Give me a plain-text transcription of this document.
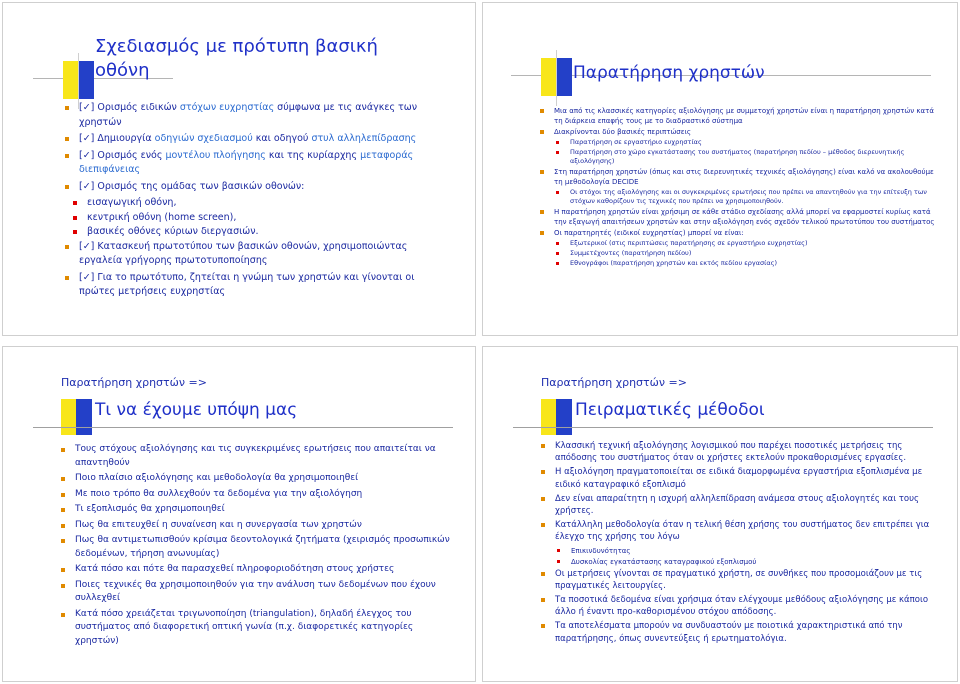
Σχεδιασμός με πρότυπη βασική οθόνη
[✓] Ορισμός ειδικών στόχων ευχρηστίας σύμφωνα με τις ανάγκες των χρηστών
[✓] Δημιουργία οδηγιών σχεδιασμού και οδηγού στυλ αλληλεπίδρασης
[✓] Ορισμός ενός μοντέλου πλοήγησης και της κυρίαρχης μεταφοράς διεπιφάνειας
[✓] Ορισμός της ομάδας των βασικών οθονών:
εισαγωγική οθόνη,
κεντρική οθόνη (home screen),
βασικές οθόνες κύριων διεργασιών.
[✓] Κατασκευή πρωτοτύπου των βασικών οθονών, χρησιμοποιώντας εργαλεία γρήγορης πρωτοτυποποίησης
[✓] Για το πρωτότυπο, ζητείται η γνώμη των χρηστών και γίνονται οι πρώτες μετρήσεις ευχρηστίας
Παρατήρηση χρηστών
Μια από τις κλασσικές κατηγορίες αξιολόγησης με συμμετοχή χρηστών είναι η παρατήρηση χρηστών κατά τη διάρκεια επαφής τους με το διαδραστικό σύστημα
Διακρίνονται δύο βασικές περιπτώσεις
Παρατήρηση σε εργαστήριο ευχρηστίας
Παρατήρηση στο χώρο εγκατάστασης του συστήματος (παρατήρηση πεδίου – μέθοδος διερευνητικής αξιολόγησης)
Στη παρατήρηση χρηστών (όπως και στις διερευνητικές τεχνικές αξιολόγησης) είναι καλό να ακολουθούμε τη μεθοδολογία DECIDE
Οι στόχοι της αξιολόγησης και οι συγκεκριμένες ερωτήσεις που πρέπει να απαντηθούν για την επίτευξη των στόχων καθορίζουν τις τεχνικές που πρέπει να χρησιμοποιηθούν.
Η παρατήρηση χρηστών είναι χρήσιμη σε κάθε στάδιο σχεδίασης αλλά μπορεί να εφαρμοστεί κυρίως κατά την εξαγωγή απαιτήσεων χρηστών και στην αξιολόγηση ενός σχεδόν τελικού πρωτοτύπου του συστήματος
Οι παρατηρητές (ειδικοί ευχρηστίας) μπορεί να είναι:
Εξωτερικοί (στις περιπτώσεις παρατήρησης σε εργαστήριο ευχρηστίας)
Συμμετέχοντες (παρατήρηση πεδίου)
Εθνογράφοι (παρατήρηση χρηστών και εκτός πεδίου εργασίας)
Παρατήρηση χρηστών =>
Τι να έχουμε υπόψη μας
Τους στόχους αξιολόγησης και τις συγκεκριμένες ερωτήσεις που απαιτείται να απαντηθούν
Ποιο πλαίσιο αξιολόγησης και μεθοδολογία θα χρησιμοποιηθεί
Με ποιο τρόπο θα συλλεχθούν τα δεδομένα για την αξιολόγηση
Τι εξοπλισμός θα χρησιμοποιηθεί
Πως θα επιτευχθεί η συναίνεση και η συνεργασία των χρηστών
Πως θα αντιμετωπισθούν κρίσιμα δεοντολογικά ζητήματα (χειρισμός προσωπικών δεδομένων, τήρηση ανωνυμίας)
Κατά πόσο και πότε θα παρασχεθεί πληροφοριοδότηση στους χρήστες
Ποιες τεχνικές θα χρησιμοποιηθούν για την ανάλυση των δεδομένων που έχουν συλλεχθεί
Κατά πόσο χρειάζεται τριγωνοποίηση (triangulation), δηλαδή έλεγχος του συστήματος από διαφορετική οπτική γωνία (π.χ. διαφορετικές κατηγορίες χρηστών)
Παρατήρηση χρηστών =>
Πειραματικές μέθοδοι
Κλασσική τεχνική αξιολόγησης λογισμικού που παρέχει ποσοτικές μετρήσεις της απόδοσης του συστήματος όταν οι χρήστες εκτελούν προκαθορισμένες εργασίες.
Η αξιολόγηση πραγματοποιείται σε ειδικά διαμορφωμένα εργαστήρια εξοπλισμένα με ειδικό καταγραφικό εξοπλισμό
Δεν είναι απαραίτητη η ισχυρή αλληλεπίδραση ανάμεσα στους αξιολογητές και τους χρήστες.
Κατάλληλη μεθοδολογία όταν η τελική θέση χρήσης του συστήματος δεν επιτρέπει για έλεγχο της χρήσης του λόγω
Επικινδυνότητας
Δυσκολίας εγκατάστασης καταγραφικού εξοπλισμού
Οι μετρήσεις γίνονται σε πραγματικό χρήστη, σε συνθήκες που προσομοιάζουν με τις πραγματικές λειτουργίες.
Τα ποσοτικά δεδομένα είναι χρήσιμα όταν ελέγχουμε μεθόδους αξιολόγησης με κάποιο άλλο ή έναντι προ-καθορισμένου στόχου απόδοσης.
Τα αποτελέσματα μπορούν να συνδυαστούν με ποιοτικά χαρακτηριστικά από την παρατήρησης, όπως συνεντεύξεις ή ερωτηματολόγια.
